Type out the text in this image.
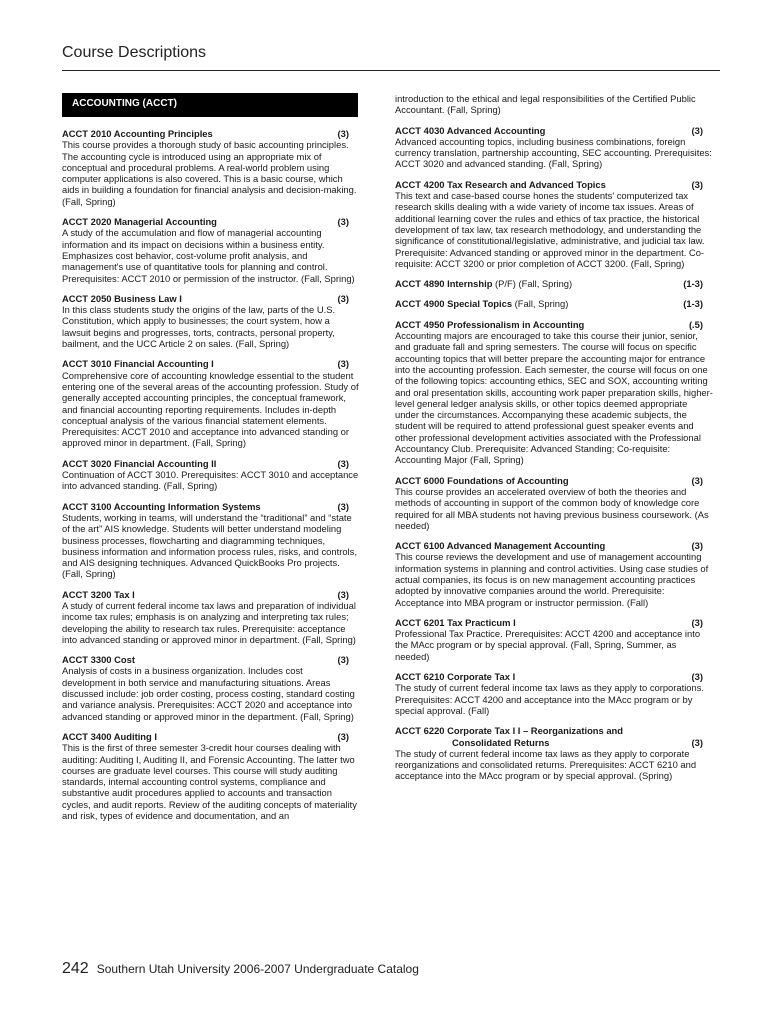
Course Descriptions
ACCOUNTING (ACCT)
ACCT 2010 Accounting Principles	(3)

This course provides a thorough study of basic accounting principles. The accounting cycle is introduced using an appropriate mix of conceptual and procedural problems. A real-world problem using computer applications is also covered. This is a basic course, which aids in building a foundation for financial analysis and decision-making. (Fall, Spring)

ACCT 2020 Managerial Accounting	(3)

A study of the accumulation and flow of managerial accounting information and its impact on decisions within a business entity. Emphasizes cost behavior, cost-volume profit analysis, and management's use of quantitative tools for planning and control. Prerequisites: ACCT 2010 or permission of the instructor. (Fall, Spring)

ACCT 2050 Business Law I	(3)

In this class students study the origins of the law, parts of the U.S. Constitution, which apply to businesses; the court system, how a lawsuit begins and progresses, torts, contracts, personal property, bailment, and the UCC Article 2 on sales. (Fall, Spring)

ACCT 3010 Financial Accounting I	(3)

Comprehensive core of accounting knowledge essential to the student entering one of the several areas of the accounting profession. Study of generally accepted accounting principles, the conceptual framework, and financial accounting reporting requirements. Includes in-depth conceptual analysis of the various financial statement elements. Prerequisites: ACCT 2010 and acceptance into advanced standing or approved minor in department. (Fall, Spring)

ACCT 3020 Financial Accounting II	(3)

Continuation of ACCT 3010. Prerequisites: ACCT 3010 and acceptance into advanced standing. (Fall, Spring)

ACCT 3100 Accounting Information Systems	(3)

Students, working in teams, will understand the “traditional” and “state of the art” AIS knowledge. Students will better understand modeling business processes, flowcharting and diagramming techniques, business information and information process rules, risks, and controls, and AIS designing techniques. Advanced QuickBooks Pro projects. (Fall, Spring)

ACCT 3200 Tax I	(3)

A study of current federal income tax laws and preparation of individual income tax rules; emphasis is on analyzing and interpreting tax rules; developing the ability to research tax rules. Prerequisite: acceptance into advanced standing or approved minor in department. (Fall, Spring)

ACCT 3300 Cost	(3)

Analysis of costs in a business organization. Includes cost development in both service and manufacturing situations. Areas discussed include: job order costing, process costing, standard costing and variance analysis. Prerequisites: ACCT 2020 and acceptance into advanced standing or approved minor in the department. (Fall, Spring)

ACCT 3400 Auditing I	(3)

This is the first of three semester 3-credit hour courses dealing with auditing: Auditing I, Auditing II, and Forensic Accounting. The latter two courses are graduate level courses. This course will study auditing standards, internal accounting control systems, compliance and substantive audit procedures applied to accounts and transaction cycles, and audit reports. Review of the auditing concepts of materiality and risk, types of evidence and documentation, and an

introduction to the ethical and legal responsibilities of the Certified Public Accountant. (Fall, Spring)

ACCT 4030 Advanced Accounting	(3)

Advanced accounting topics, including business combinations, foreign currency translation, partnership accounting, SEC accounting. Prerequisites: ACCT 3020 and advanced standing. (Fall, Spring)

ACCT 4200 Tax Research and Advanced Topics	(3)

This text and case-based course hones the students' computerized tax research skills dealing with a wide variety of income tax issues. Areas of additional learning cover the rules and ethics of tax practice, the historical development of tax law, tax research methodology, and understanding the significance of constitutional/legislative, administrative, and judicial tax law. Prerequisite: Advanced standing or approved minor in the department. Co-requisite: ACCT 3200 or prior completion of ACCT 3200. (Fall, Spring)

ACCT 4890 Internship (P/F) (Fall, Spring)	(1-3)
ACCT 4900 Special Topics (Fall, Spring)	(1-3)
ACCT 4950 Professionalism in Accounting	(.5)

Accounting majors are encouraged to take this course their junior, senior, and graduate fall and spring semesters. The course will focus on specific accounting topics that will better prepare the accounting major for entrance into the accounting profession. Each semester, the course will focus on one of the following topics: accounting ethics, SEC and SOX, accounting writing and oral presentation skills, accounting work paper preparation skills, higher-level general ledger analysis skills, or other topics deemed appropriate under the circumstances. Accompanying these academic subjects, the student will be required to attend professional guest speaker events and other professional development activities associated with the Professional Accountancy Club. Prerequisite: Advanced Standing; Co-requisite: Accounting Major (Fall, Spring)

ACCT 6000 Foundations of Accounting	(3)

This course provides an accelerated overview of both the theories and methods of accounting in support of the common body of knowledge core required for all MBA students not having previous business coursework. (As needed)

ACCT 6100 Advanced Management Accounting	(3)

This course reviews the development and use of management accounting information systems in planning and control activities. Using case studies of actual companies, its focus is on new management accounting practices adopted by innovative companies around the world. Prerequisite: Acceptance into MBA program or instructor permission. (Fall)

ACCT 6201 Tax Practicum I	(3)

Professional Tax Practice. Prerequisites: ACCT 4200 and acceptance into the MAcc program or by special approval. (Fall, Spring, Summer, as needed)

ACCT 6210 Corporate Tax I	(3)

The study of current federal income tax laws as they apply to corporations. Prerequisites: ACCT 4200 and acceptance into the MAcc program or by special approval. (Fall)

ACCT 6220 Corporate Tax I I – Reorganizations and
Consolidated Returns	(3)

The study of current federal income tax laws as they apply to corporate reorganizations and consolidated returns. Prerequisites: ACCT 6210 and acceptance into the MAcc program or by special approval. (Spring)

242 Southern Utah University 2006-2007 Undergraduate Catalog
